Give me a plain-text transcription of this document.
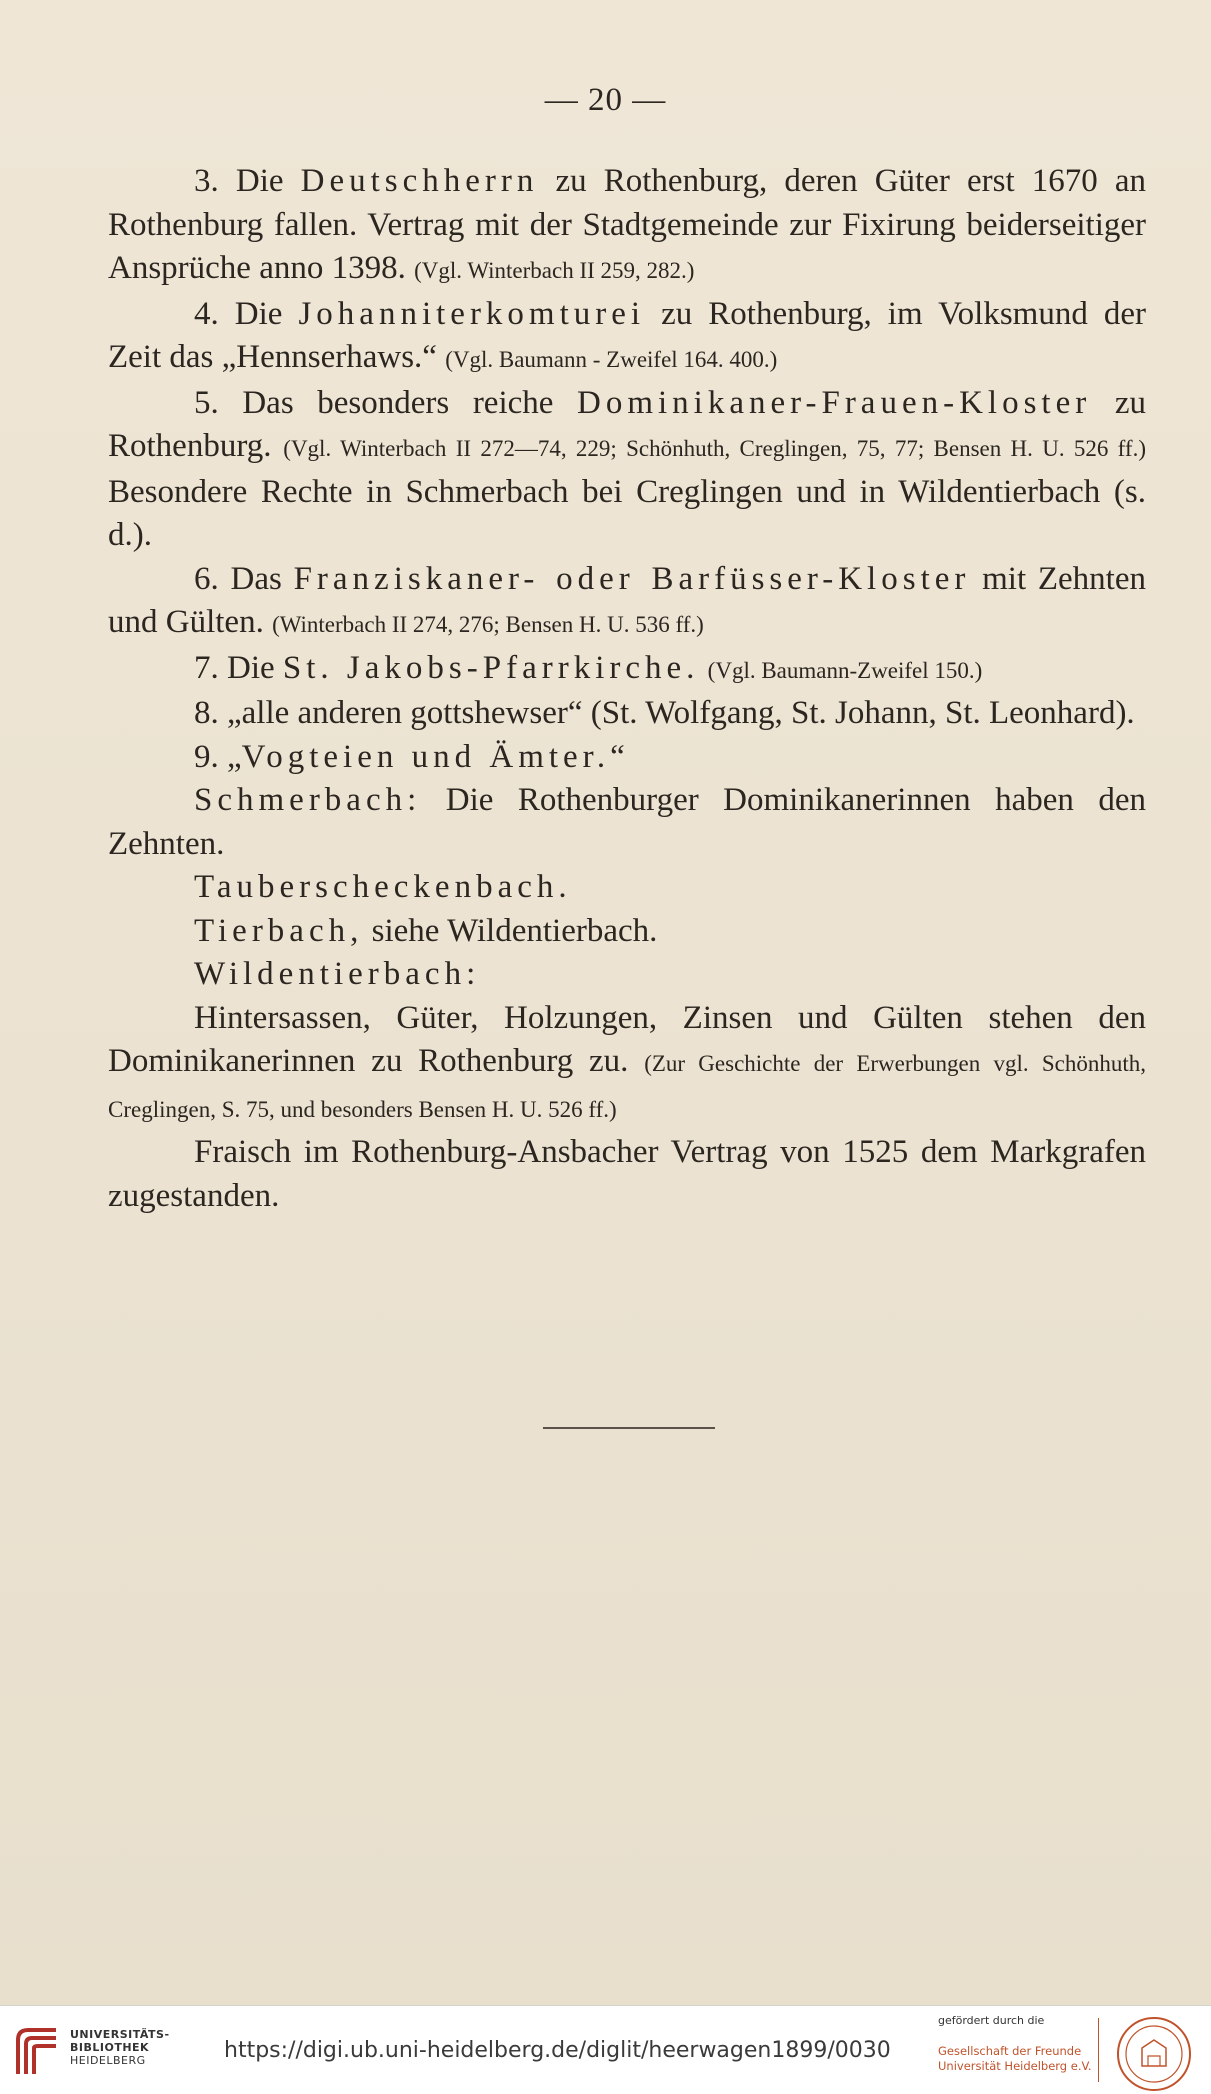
— 20 —
3. Die Deutschherrn zu Rothenburg, deren Güter erst 1670 an Rothenburg fallen. Vertrag mit der Stadtgemeinde zur Fixirung beiderseitiger Ansprüche anno 1398. (Vgl. Winterbach II 259, 282.)
4. Die Johanniterkomturei zu Rothenburg, im Volksmund der Zeit das „Hennserhaws.“ (Vgl. Baumann - Zweifel 164. 400.)
5. Das besonders reiche Dominikaner-Frauen-Kloster zu Rothenburg. (Vgl. Winterbach II 272—74, 229; Schönhuth, Creglingen, 75, 77; Bensen H. U. 526 ff.) Besondere Rechte in Schmerbach bei Creglingen und in Wildentierbach (s. d.).
6. Das Franziskaner- oder Barfüsser-Kloster mit Zehnten und Gülten. (Winterbach II 274, 276; Bensen H. U. 536 ff.)
7. Die St. Jakobs-Pfarrkirche. (Vgl. Baumann-Zweifel 150.)
8. „alle anderen gottshewser“ (St. Wolfgang, St. Johann, St. Leonhard).
9. „Vogteien und Ämter.“
Schmerbach: Die Rothenburger Dominikanerinnen haben den Zehnten.
Tauberscheckenbach.
Tierbach, siehe Wildentierbach.
Wildentierbach:
Hintersassen, Güter, Holzungen, Zinsen und Gülten stehen den Dominikanerinnen zu Rothenburg zu. (Zur Geschichte der Erwerbungen vgl. Schönhuth, Creglingen, S. 75, und besonders Bensen H. U. 526 ff.)
Fraisch im Rothenburg-Ansbacher Vertrag von 1525 dem Markgrafen zugestanden.
UNIVERSITÄTS-
BIBLIOTHEK
HEIDELBERG	https://digi.ub.uni-heidelberg.de/diglit/heerwagen1899/0030
gefördert durch die
Gesellschaft der Freunde
Universität Heidelberg e.V.
